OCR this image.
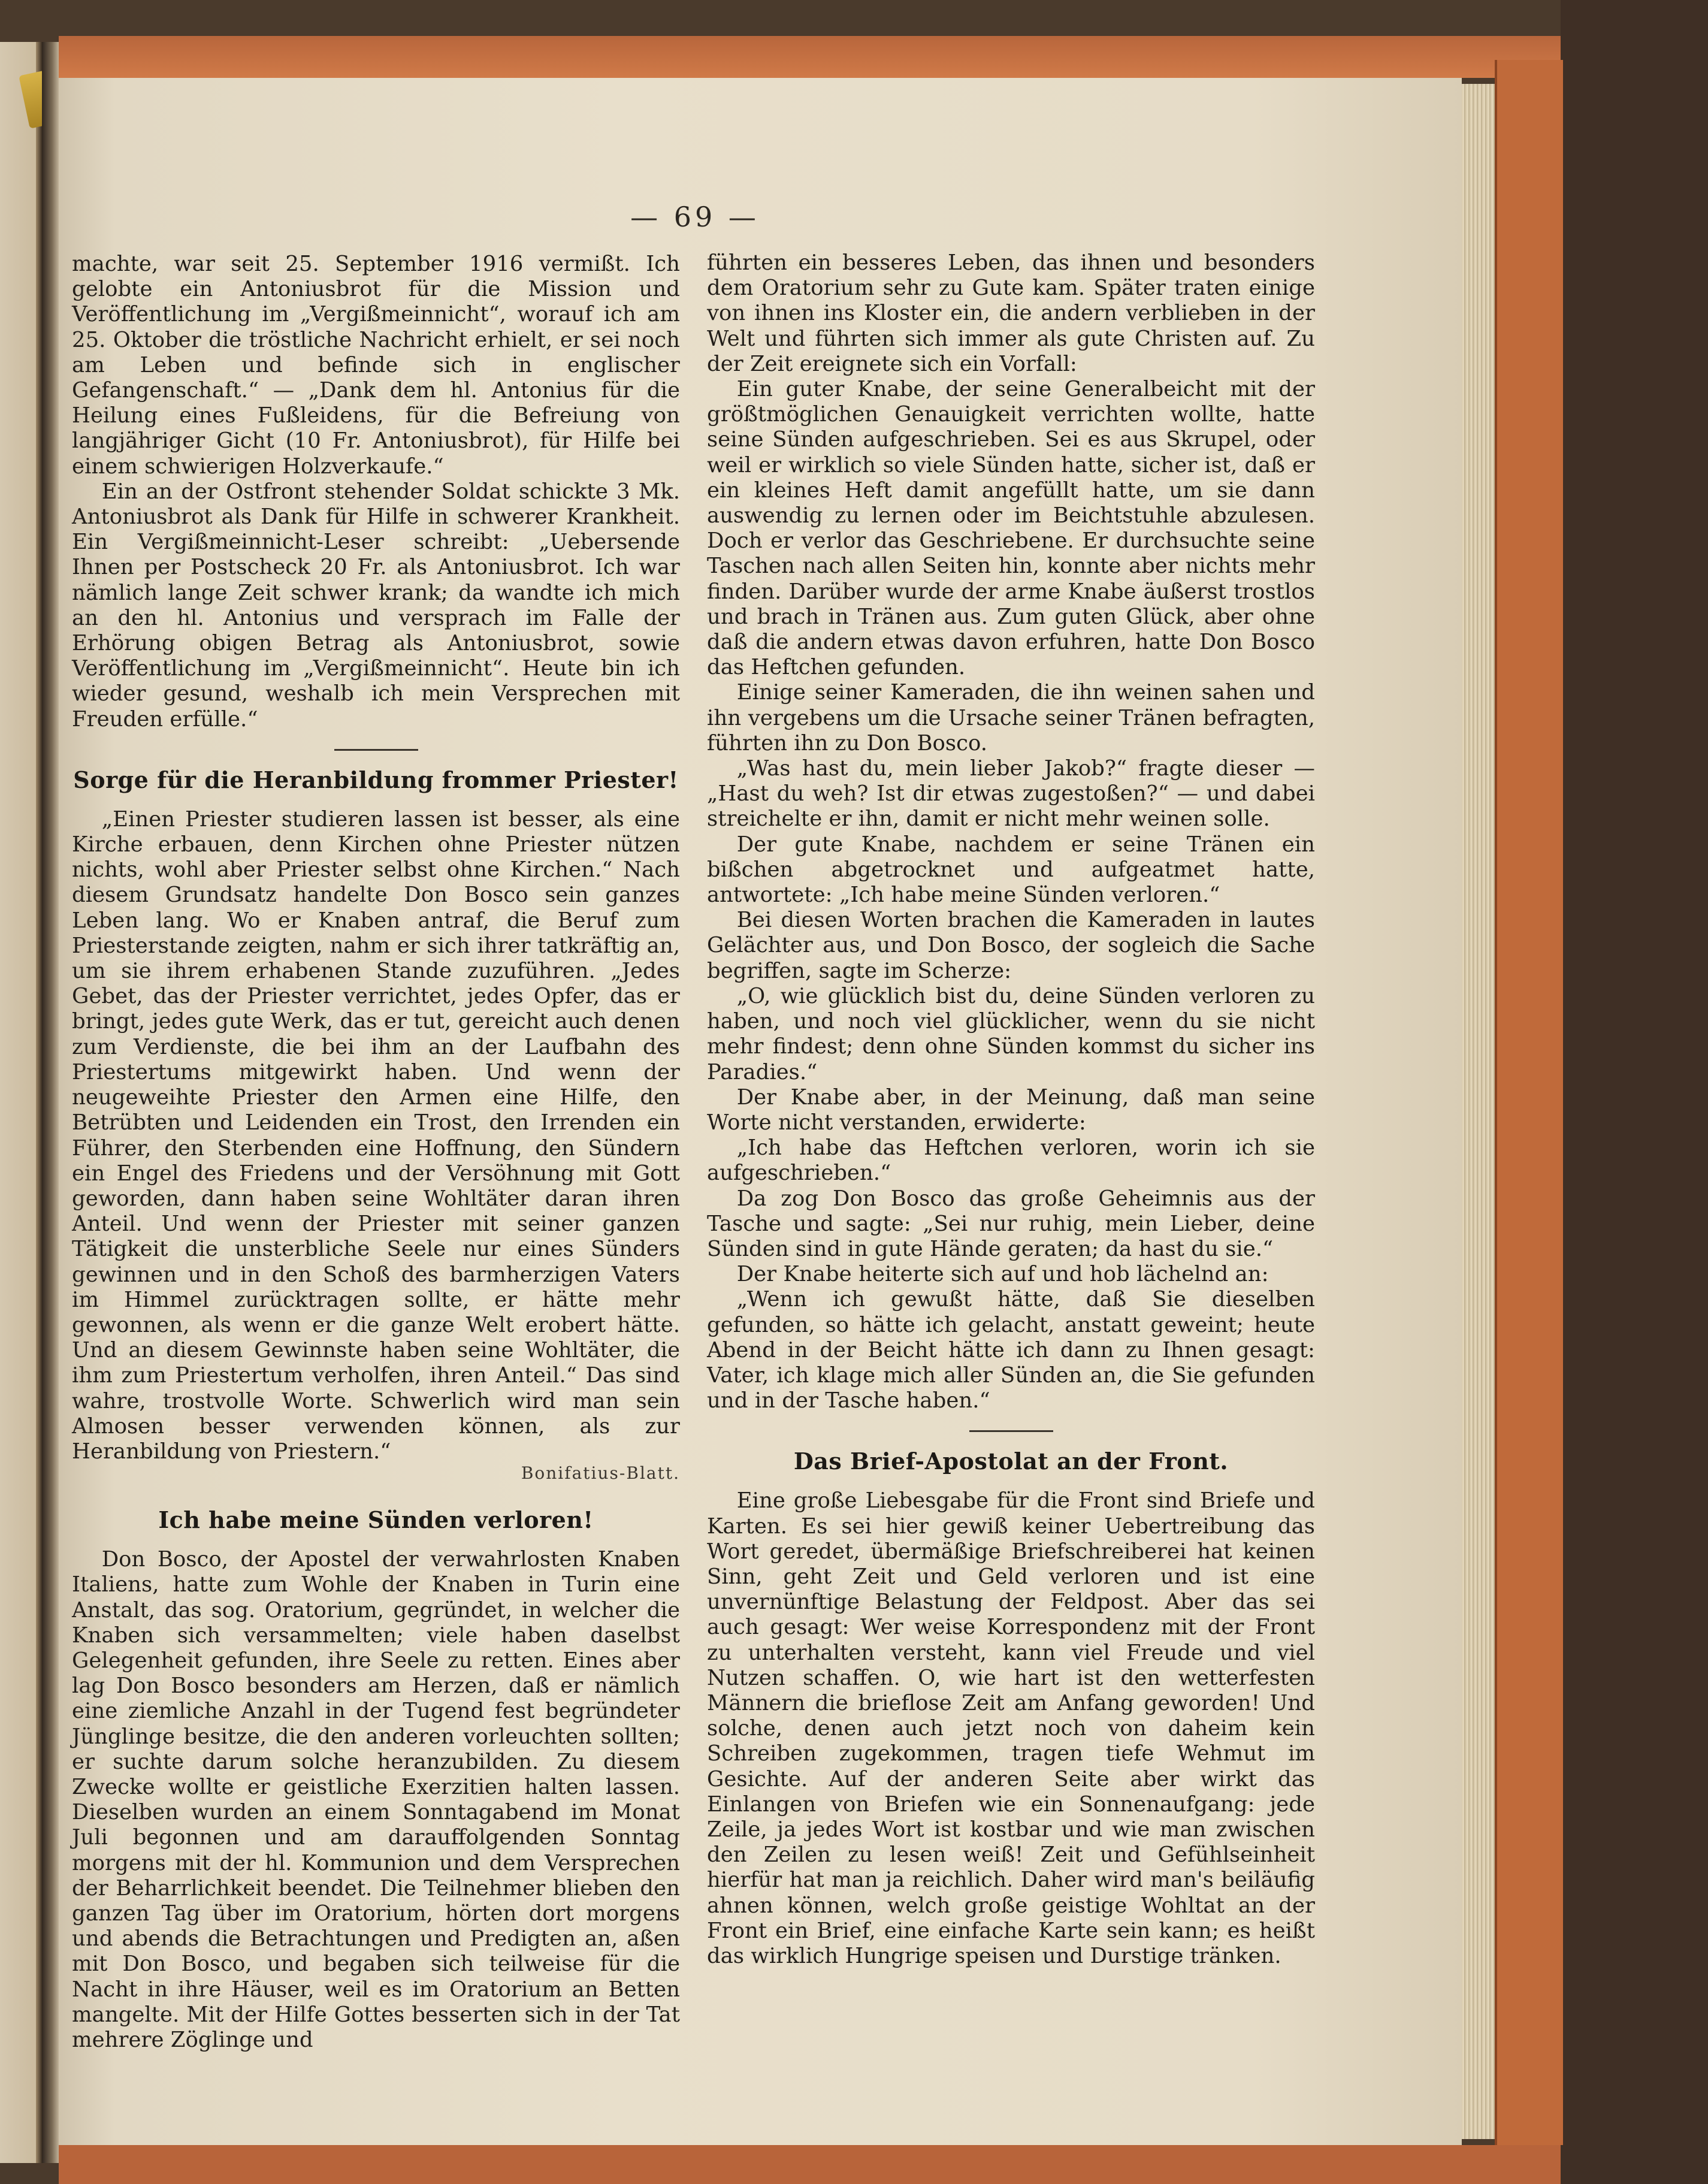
— 69 —

machte, war seit 25. September 1916 vermißt. Ich gelobte ein Antoniusbrot für die Mission und Veröffentlichung im „Vergißmeinnicht“, worauf ich am 25. Oktober die tröstliche Nachricht erhielt, er sei noch am Leben und befinde sich in englischer Gefangenschaft.“ — „Dank dem hl. Antonius für die Heilung eines Fußleidens, für die Befreiung von langjähriger Gicht (10 Fr. Antoniusbrot), für Hilfe bei einem schwierigen Holzverkaufe.“

Ein an der Ostfront stehender Soldat schickte 3 Mk. Antoniusbrot als Dank für Hilfe in schwerer Krankheit. Ein Vergißmeinnicht-Leser schreibt: „Uebersende Ihnen per Postscheck 20 Fr. als Antoniusbrot. Ich war nämlich lange Zeit schwer krank; da wandte ich mich an den hl. Antonius und versprach im Falle der Erhörung obigen Betrag als Antoniusbrot, sowie Veröffentlichung im „Vergißmeinnicht“. Heute bin ich wieder gesund, weshalb ich mein Versprechen mit Freuden erfülle.“

Sorge für die Heranbildung frommer Priester!

„Einen Priester studieren lassen ist besser, als eine Kirche erbauen, denn Kirchen ohne Priester nützen nichts, wohl aber Priester selbst ohne Kirchen.“ Nach diesem Grundsatz handelte Don Bosco sein ganzes Leben lang. Wo er Knaben antraf, die Beruf zum Priesterstande zeigten, nahm er sich ihrer tatkräftig an, um sie ihrem erhabenen Stande zuzuführen. „Jedes Gebet, das der Priester verrichtet, jedes Opfer, das er bringt, jedes gute Werk, das er tut, gereicht auch denen zum Verdienste, die bei ihm an der Laufbahn des Priestertums mitgewirkt haben. Und wenn der neugeweihte Priester den Armen eine Hilfe, den Betrübten und Leidenden ein Trost, den Irrenden ein Führer, den Sterbenden eine Hoffnung, den Sündern ein Engel des Friedens und der Versöhnung mit Gott geworden, dann haben seine Wohltäter daran ihren Anteil. Und wenn der Priester mit seiner ganzen Tätigkeit die unsterbliche Seele nur eines Sünders gewinnen und in den Schoß des barmherzigen Vaters im Himmel zurücktragen sollte, er hätte mehr gewonnen, als wenn er die ganze Welt erobert hätte. Und an diesem Gewinnste haben seine Wohltäter, die ihm zum Priestertum verholfen, ihren Anteil.“ Das sind wahre, trostvolle Worte. Schwerlich wird man sein Almosen besser verwenden können, als zur Heranbildung von Priestern.“

Bonifatius-Blatt.
Ich habe meine Sünden verloren!

Don Bosco, der Apostel der verwahrlosten Knaben Italiens, hatte zum Wohle der Knaben in Turin eine Anstalt, das sog. Oratorium, gegründet, in welcher die Knaben sich versammelten; viele haben daselbst Gelegenheit gefunden, ihre Seele zu retten. Eines aber lag Don Bosco besonders am Herzen, daß er nämlich eine ziemliche Anzahl in der Tugend fest begründeter Jünglinge besitze, die den anderen vorleuchten sollten; er suchte darum solche heranzubilden. Zu diesem Zwecke wollte er geistliche Exerzitien halten lassen. Dieselben wurden an einem Sonntagabend im Monat Juli begonnen und am darauffolgenden Sonntag morgens mit der hl. Kommunion und dem Versprechen der Beharrlichkeit beendet. Die Teilnehmer blieben den ganzen Tag über im Oratorium, hörten dort morgens und abends die Betrachtungen und Predigten an, aßen mit Don Bosco, und begaben sich teilweise für die Nacht in ihre Häuser, weil es im Oratorium an Betten mangelte. Mit der Hilfe Gottes besserten sich in der Tat mehrere Zöglinge und

führten ein besseres Leben, das ihnen und besonders dem Oratorium sehr zu Gute kam. Später traten einige von ihnen ins Kloster ein, die andern verblieben in der Welt und führten sich immer als gute Christen auf. Zu der Zeit ereignete sich ein Vorfall:

Ein guter Knabe, der seine Generalbeicht mit der größtmöglichen Genauigkeit verrichten wollte, hatte seine Sünden aufgeschrieben. Sei es aus Skrupel, oder weil er wirklich so viele Sünden hatte, sicher ist, daß er ein kleines Heft damit angefüllt hatte, um sie dann auswendig zu lernen oder im Beichtstuhle abzulesen. Doch er verlor das Geschriebene. Er durchsuchte seine Taschen nach allen Seiten hin, konnte aber nichts mehr finden. Darüber wurde der arme Knabe äußerst trostlos und brach in Tränen aus. Zum guten Glück, aber ohne daß die andern etwas davon erfuhren, hatte Don Bosco das Heftchen gefunden.

Einige seiner Kameraden, die ihn weinen sahen und ihn vergebens um die Ursache seiner Tränen befragten, führten ihn zu Don Bosco.

„Was hast du, mein lieber Jakob?“ fragte dieser — „Hast du weh? Ist dir etwas zugestoßen?“ — und dabei streichelte er ihn, damit er nicht mehr weinen solle.

Der gute Knabe, nachdem er seine Tränen ein bißchen abgetrocknet und aufgeatmet hatte, antwortete: „Ich habe meine Sünden verloren.“

Bei diesen Worten brachen die Kameraden in lautes Gelächter aus, und Don Bosco, der sogleich die Sache begriffen, sagte im Scherze:

„O, wie glücklich bist du, deine Sünden verloren zu haben, und noch viel glücklicher, wenn du sie nicht mehr findest; denn ohne Sünden kommst du sicher ins Paradies.“

Der Knabe aber, in der Meinung, daß man seine Worte nicht verstanden, erwiderte:

„Ich habe das Heftchen verloren, worin ich sie aufgeschrieben.“

Da zog Don Bosco das große Geheimnis aus der Tasche und sagte: „Sei nur ruhig, mein Lieber, deine Sünden sind in gute Hände geraten; da hast du sie.“

Der Knabe heiterte sich auf und hob lächelnd an:

„Wenn ich gewußt hätte, daß Sie dieselben gefunden, so hätte ich gelacht, anstatt geweint; heute Abend in der Beicht hätte ich dann zu Ihnen gesagt: Vater, ich klage mich aller Sünden an, die Sie gefunden und in der Tasche haben.“

Das Brief-Apostolat an der Front.

Eine große Liebesgabe für die Front sind Briefe und Karten. Es sei hier gewiß keiner Uebertreibung das Wort geredet, übermäßige Briefschreiberei hat keinen Sinn, geht Zeit und Geld verloren und ist eine unvernünftige Belastung der Feldpost. Aber das sei auch gesagt: Wer weise Korrespondenz mit der Front zu unterhalten versteht, kann viel Freude und viel Nutzen schaffen. O, wie hart ist den wetterfesten Männern die brieflose Zeit am Anfang geworden! Und solche, denen auch jetzt noch von daheim kein Schreiben zugekommen, tragen tiefe Wehmut im Gesichte. Auf der anderen Seite aber wirkt das Einlangen von Briefen wie ein Sonnenaufgang: jede Zeile, ja jedes Wort ist kostbar und wie man zwischen den Zeilen zu lesen weiß! Zeit und Gefühlseinheit hierfür hat man ja reichlich. Daher wird man's beiläufig ahnen können, welch große geistige Wohltat an der Front ein Brief, eine einfache Karte sein kann; es heißt das wirklich Hungrige speisen und Durstige tränken.
